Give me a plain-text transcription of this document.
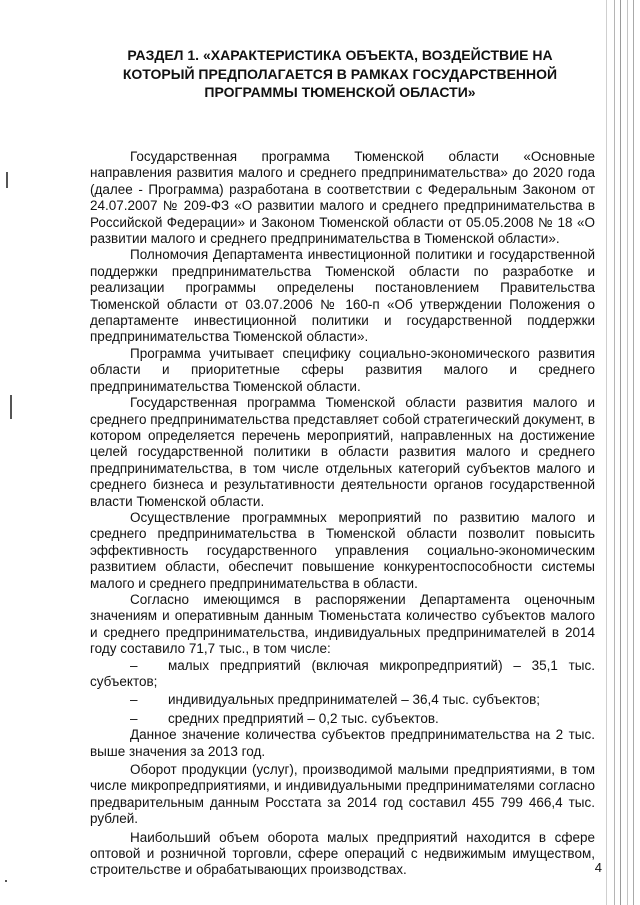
РАЗДЕЛ 1. «ХАРАКТЕРИСТИКА ОБЪЕКТА, ВОЗДЕЙСТВИЕ НА КОТОРЫЙ ПРЕДПОЛАГАЕТСЯ В РАМКАХ ГОСУДАРСТВЕННОЙ ПРОГРАММЫ ТЮМЕНСКОЙ ОБЛАСТИ»

Государственная программа Тюменской области «Основные направления развития малого и среднего предпринимательства» до 2020 года (далее - Программа) разработана в соответствии с Федеральным Законом от 24.07.2007 № 209-ФЗ «О развитии малого и среднего предпринимательства в Российской Федерации» и Законом Тюменской области от 05.05.2008 № 18 «О развитии малого и среднего предпринимательства в Тюменской области».

Полномочия Департамента инвестиционной политики и государственной поддержки предпринимательства Тюменской области по разработке и реализации программы определены постановлением Правительства Тюменской области от 03.07.2006 № 160-п «Об утверждении Положения о департаменте инвестиционной политики и государственной поддержки предпринимательства Тюменской области».

Программа учитывает специфику социально-экономического развития области и приоритетные сферы развития малого и среднего предпринимательства Тюменской области.

Государственная программа Тюменской области развития малого и среднего предпринимательства представляет собой стратегический документ, в котором определяется перечень мероприятий, направленных на достижение целей государственной политики в области развития малого и среднего предпринимательства, в том числе отдельных категорий субъектов малого и среднего бизнеса и результативности деятельности органов государственной власти Тюменской области.

Осуществление программных мероприятий по развитию малого и среднего предпринимательства в Тюменской области позволит повысить эффективность государственного управления социально-экономическим развитием области, обеспечит повышение конкурентоспособности системы малого и среднего предпринимательства в области.

Согласно имеющимся в распоряжении Департамента оценочным значениям и оперативным данным Тюменьстата количество субъектов малого и среднего предпринимательства, индивидуальных предпринимателей в 2014 году составило 71,7 тыс., в том числе:

– малых предприятий (включая микропредприятий) – 35,1 тыс. субъектов;
– индивидуальных предпринимателей – 36,4 тыс. субъектов;
– средних предприятий – 0,2 тыс. субъектов.

Данное значение количества субъектов предпринимательства на 2 тыс. выше значения за 2013 год.

Оборот продукции (услуг), производимой малыми предприятиями, в том числе микропредприятиями, и индивидуальными предпринимателями согласно предварительным данным Росстата за 2014 год составил 455 799 466,4 тыс. рублей.

Наибольший объем оборота малых предприятий находится в сфере оптовой и розничной торговли, сфере операций с недвижимым имуществом, строительстве и обрабатывающих производствах.	4
